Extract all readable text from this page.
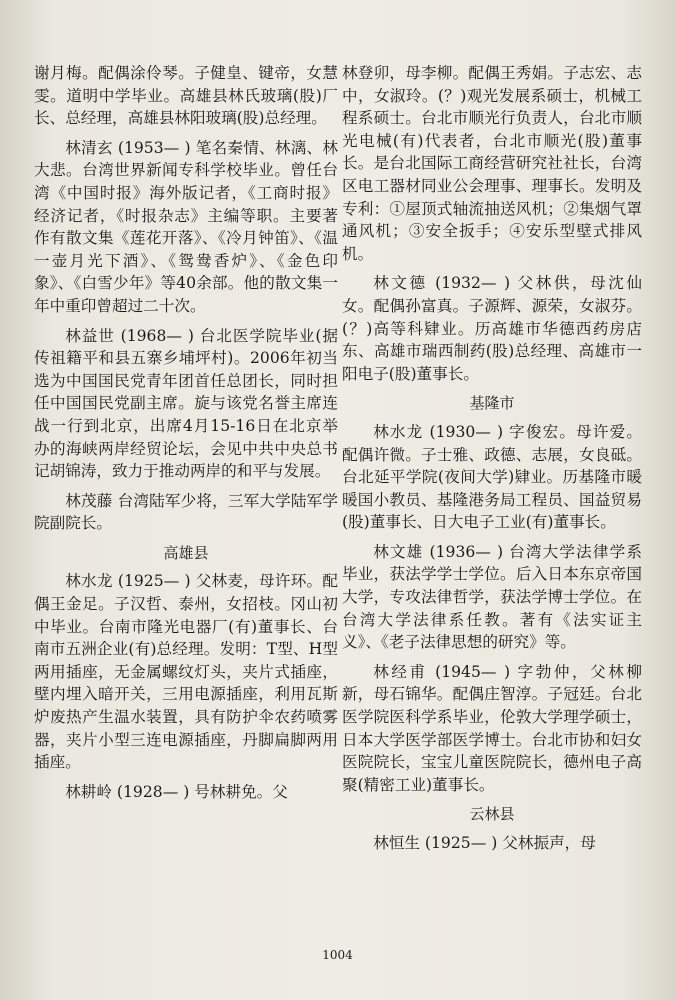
谢月梅。配偶涂伶琴。子健皇、键帝，女慧雯。道明中学毕业。高雄县林氏玻璃(股)厂长、总经理，高雄县林阳玻璃(股)总经理。

林清玄 (1953— ) 笔名秦情、林漓、林大悲。台湾世界新闻专科学校毕业。曾任台湾《中国时报》海外版记者，《工商时报》经济记者，《时报杂志》主编等职。主要著作有散文集《莲花开落》、《冷月钟笛》、《温一壶月光下酒》、《鸳鸯香炉》、《金色印象》、《白雪少年》等40余部。他的散文集一年中重印曾超过二十次。

林益世 (1968— ) 台北医学院毕业(据传祖籍平和县五寨乡埔坪村)。2006年初当选为中国国民党青年团首任总团长，同时担任中国国民党副主席。旋与该党名誉主席连战一行到北京，出席4月15-16日在北京举办的海峡两岸经贸论坛，会见中共中央总书记胡锦涛，致力于推动两岸的和平与发展。

林茂藤 台湾陆军少将，三军大学陆军学院副院长。

高雄县

林水龙 (1925— ) 父林麦，母许环。配偶王金足。子汉哲、泰州，女招枝。冈山初中毕业。台南市隆光电器厂(有)董事长、台南市五洲企业(有)总经理。发明：T型、H型两用插座，无金属螺纹灯头，夹片式插座，壁内埋入暗开关，三用电源插座，利用瓦斯炉废热产生温水装置，具有防护伞农药喷雾器，夹片小型三连电源插座，丹脚扁脚两用插座。

林耕岭 (1928— ) 号林耕免。父

林登卯，母李柳。配偶王秀娟。子志宏、志中，女淑玲。(？)观光发展系硕士，机械工程系硕士。台北市顺光行负责人，台北市顺光电械(有)代表者，台北市顺光(股)董事长。是台北国际工商经营研究社社长，台湾区电工器材同业公会理事、理事长。发明及专利：①屋顶式轴流抽送风机；②集烟气罩通风机；③安全扳手；④安乐型壁式排风机。

林文德 (1932— ) 父林供，母沈仙女。配偶孙富真。子源辉、源荣，女淑芬。(？)高等科肄业。历高雄市华德西药房店东、高雄市瑞西制药(股)总经理、高雄市一阳电子(股)董事长。

基隆市

林水龙 (1930— ) 字俊宏。母许爱。配偶许微。子士雅、政德、志展，女良砥。台北延平学院(夜间大学)肄业。历基隆市暖暖国小教员、基隆港务局工程员、国益贸易(股)董事长、日大电子工业(有)董事长。

林文雄 (1936— ) 台湾大学法律学系毕业，获法学学士学位。后入日本东京帝国大学，专攻法律哲学，获法学博士学位。在台湾大学法律系任教。著有《法实证主义》、《老子法律思想的研究》等。

林经甫 (1945— ) 字勃仲，父林柳新，母石锦华。配偶庄智淳。子冠廷。台北医学院医科学系毕业，伦敦大学理学硕士，日本大学医学部医学博士。台北市协和妇女医院院长，宝宝儿童医院院长，德州电子高聚(精密工业)董事长。

云林县

林恒生 (1925— ) 父林振声，母

1004
